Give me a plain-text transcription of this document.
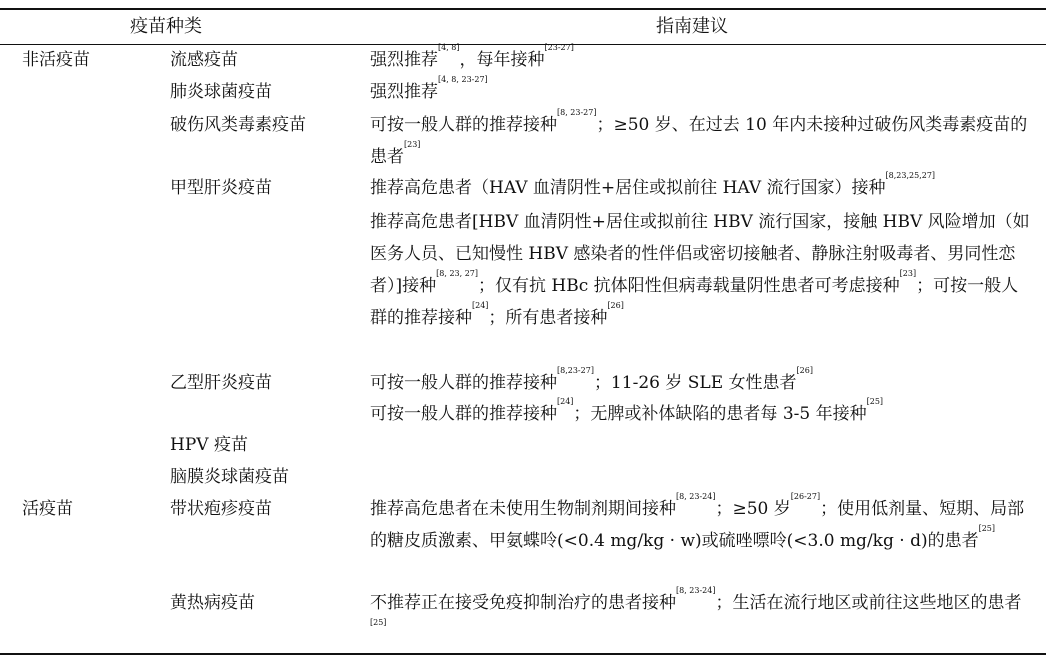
疫苗种类	指南建议
非活疫苗
活疫苗
流感疫苗
肺炎球菌疫苗
破伤风类毒素疫苗
甲型肝炎疫苗
乙型肝炎疫苗
HPV 疫苗
脑膜炎球菌疫苗
带状疱疹疫苗
黄热病疫苗
强烈推荐[4, 8]，每年接种[23-27]
强烈推荐[4, 8, 23-27]
可按一般人群的推荐接种[8, 23-27]；≥50 岁、在过去 10 年内未接种过破伤风类毒素疫苗的患者[23]
推荐高危患者（HAV 血清阴性+居住或拟前往 HAV 流行国家）接种[8,23,25,27]
推荐高危患者[HBV 血清阴性+居住或拟前往 HBV 流行国家，接触 HBV 风险增加（如医务人员、已知慢性 HBV 感染者的性伴侣或密切接触者、静脉注射吸毒者、男同性恋者）]接种[8, 23, 27]；仅有抗 HBc 抗体阳性但病毒载量阴性患者可考虑接种[23]；可按一般人群的推荐接种[24]；所有患者接种[26]
可按一般人群的推荐接种[8,23-27]；11-26 岁 SLE 女性患者[26]
可按一般人群的推荐接种[24]；无脾或补体缺陷的患者每 3-5 年接种[25]
推荐高危患者在未使用生物制剂期间接种[8, 23-24]；≥50 岁[26-27]；使用低剂量、短期、局部的糖皮质激素、甲氨蝶呤(<0.4 mg/kg · w)或硫唑嘌呤(<3.0 mg/kg · d)的患者[25]
不推荐正在接受免疫抑制治疗的患者接种[8, 23-24]；生活在流行地区或前往这些地区的患者[25]
